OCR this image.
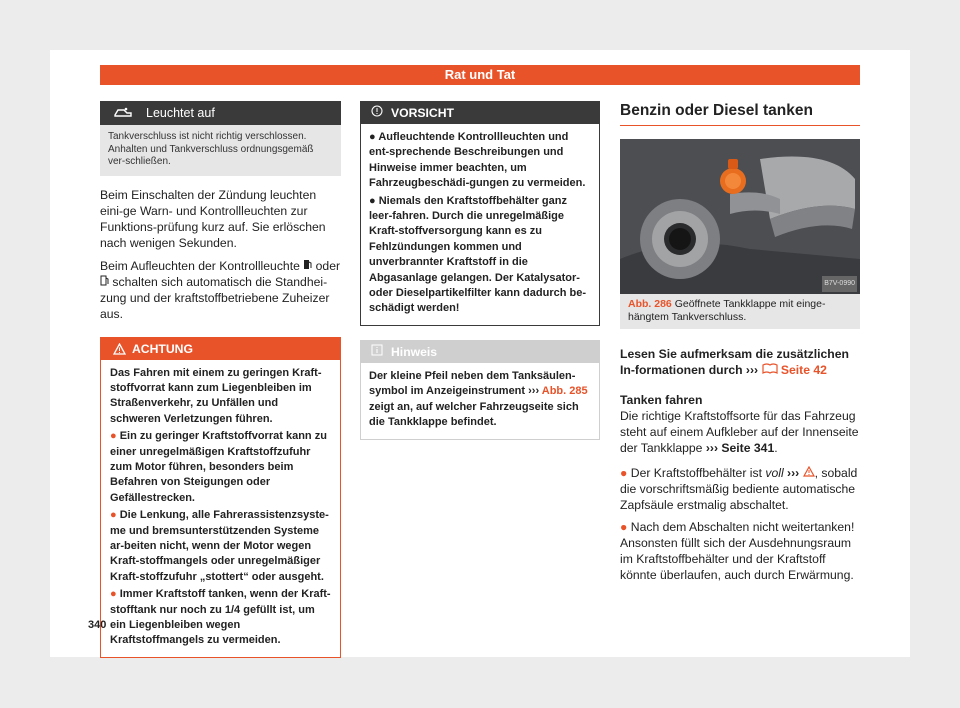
Rat und Tat
Leuchtet auf
Tankverschluss ist nicht richtig verschlossen. Anhalten und Tankverschluss ordnungsgemäß ver-schließen.

Beim Einschalten der Zündung leuchten eini-ge Warn- und Kontrollleuchten zur Funktions-prüfung kurz auf. Sie erlöschen nach wenigen Sekunden.

Beim Aufleuchten der Kontrollleuchte oder
schalten sich automatisch die Standhei-zung und der kraftstoffbetriebene Zuheizer aus.

ACHTUNG

Das Fahren mit einem zu geringen Kraft-stoffvorrat kann zum Liegenbleiben im Straßenverkehr, zu Unfällen und schweren Verletzungen führen.

● Ein zu geringer Kraftstoffvorrat kann zu einer unregelmäßigen Kraftstoffzufuhr zum Motor führen, besonders beim Befahren von Steigungen oder Gefällestrecken.

● Die Lenkung, alle Fahrerassistenzsyste-me und bremsunterstützenden Systeme ar-beiten nicht, wenn der Motor wegen Kraft-stoffmangels oder unregelmäßiger Kraft-stoffzufuhr „stottert“ oder ausgeht.

● Immer Kraftstoff tanken, wenn der Kraft-stofftank nur noch zu 1/4 gefüllt ist, um ein Liegenbleiben wegen Kraftstoffmangels zu vermeiden.

VORSICHT

● Aufleuchtende Kontrollleuchten und ent-sprechende Beschreibungen und Hinweise immer beachten, um Fahrzeugbeschädi-gungen zu vermeiden.

● Niemals den Kraftstoffbehälter ganz leer-fahren. Durch die unregelmäßige Kraft-stoffversorgung kann es zu Fehlzündungen kommen und unverbrannter Kraftstoff in die Abgasanlage gelangen. Der Katalysator- oder Dieselpartikelfilter kann dadurch be-schädigt werden!

Hinweis
Der kleine Pfeil neben dem Tanksäulen-symbol im Anzeigeinstrument ››› Abb. 285 zeigt an, auf welcher Fahrzeugseite sich die Tankklappe befindet.
Benzin oder Diesel tanken
B7V-0990
Abb. 286 Geöffnete Tankklappe mit einge-hängtem Tankverschluss.

Lesen Sie aufmerksam die zusätzlichen In-formationen durch ››› Seite 42

Tanken fahren

Die richtige Kraftstoffsorte für das Fahrzeug steht auf einem Aufkleber auf der Innenseite der Tankklappe ››› Seite 341.

● Der Kraftstoffbehälter ist voll ››› , sobald die vorschriftsmäßig bediente automatische Zapfsäule erstmalig abschaltet.

● Nach dem Abschalten nicht weitertanken! Ansonsten füllt sich der Ausdehnungsraum im Kraftstoffbehälter und der Kraftstoff könnte überlaufen, auch durch Erwärmung.

340
